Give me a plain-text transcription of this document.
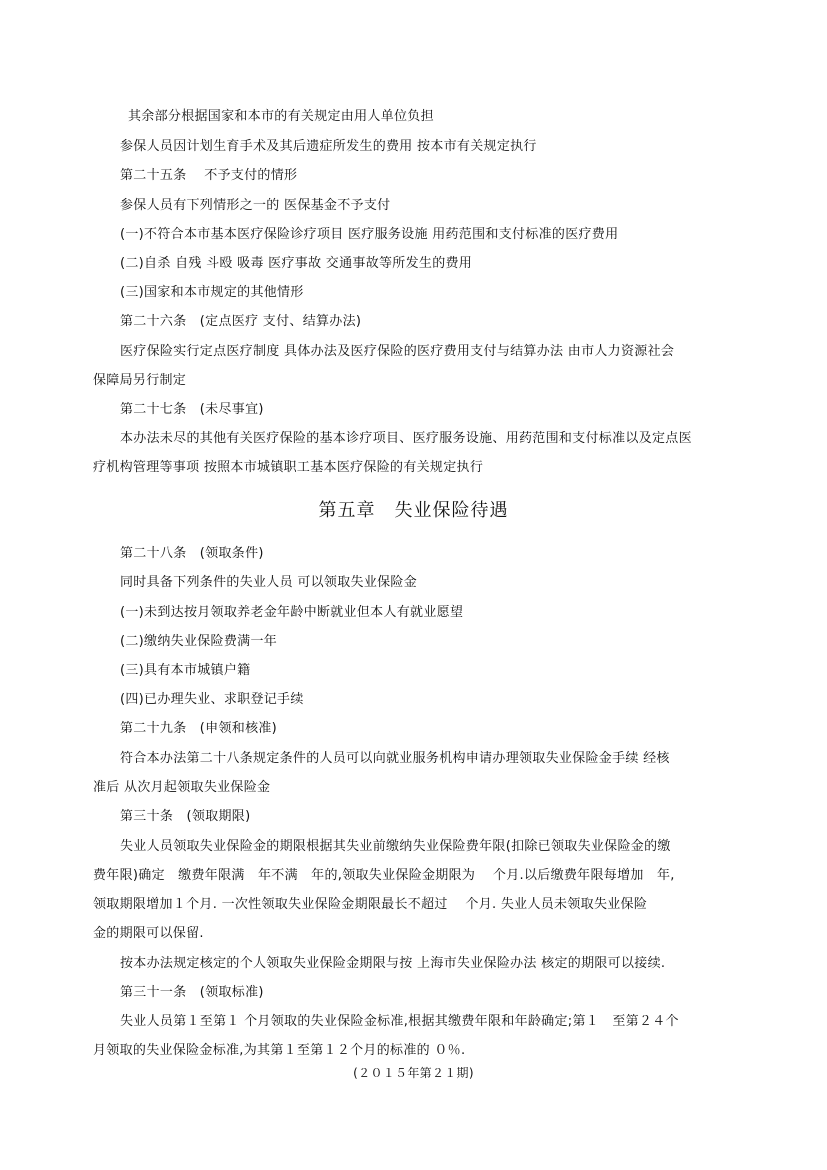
其余部分根据国家和本市的有关规定由用人单位负担
参保人员因计划生育手术及其后遗症所发生的费用 按本市有关规定执行
第二十五条　 不予支付的情形
参保人员有下列情形之一的 医保基金不予支付
(一)不符合本市基本医疗保险诊疗项目 医疗服务设施 用药范围和支付标准的医疗费用
(二)自杀 自残 斗殴 吸毒 医疗事故 交通事故等所发生的费用
(三)国家和本市规定的其他情形
第二十六条　(定点医疗 支付、结算办法)
医疗保险实行定点医疗制度 具体办法及医疗保险的医疗费用支付与结算办法 由市人力资源社会
保障局另行制定
第二十七条　(未尽事宜)
本办法未尽的其他有关医疗保险的基本诊疗项目、医疗服务设施、用药范围和支付标准以及定点医
疗机构管理等事项 按照本市城镇职工基本医疗保险的有关规定执行
第五章　失业保险待遇
第二十八条　(领取条件)
同时具备下列条件的失业人员 可以领取失业保险金
(一)未到达按月领取养老金年龄中断就业但本人有就业愿望
(二)缴纳失业保险费满一年
(三)具有本市城镇户籍
(四)已办理失业、求职登记手续
第二十九条　(申领和核准)
符合本办法第二十八条规定条件的人员可以向就业服务机构申请办理领取失业保险金手续 经核
准后 从次月起领取失业保险金
第三十条　(领取期限)
失业人员领取失业保险金的期限根据其失业前缴纳失业保险费年限(扣除已领取失业保险金的缴
费年限)确定　缴费年限满　年不满　年的,领取失业保险金期限为　 个月.以后缴费年限每增加　年,
领取期限增加１个月. 一次性领取失业保险金期限最长不超过　 个月. 失业人员未领取失业保险
金的期限可以保留.
按本办法规定核定的个人领取失业保险金期限与按 上海市失业保险办法 核定的期限可以接续.
第三十一条　(领取标准)
失业人员第１至第１ 个月领取的失业保险金标准,根据其缴费年限和年龄确定;第１　至第２４个
月领取的失业保险金标准,为其第１至第１２个月的标准的 ０％.
(２０１５年第２１期)
